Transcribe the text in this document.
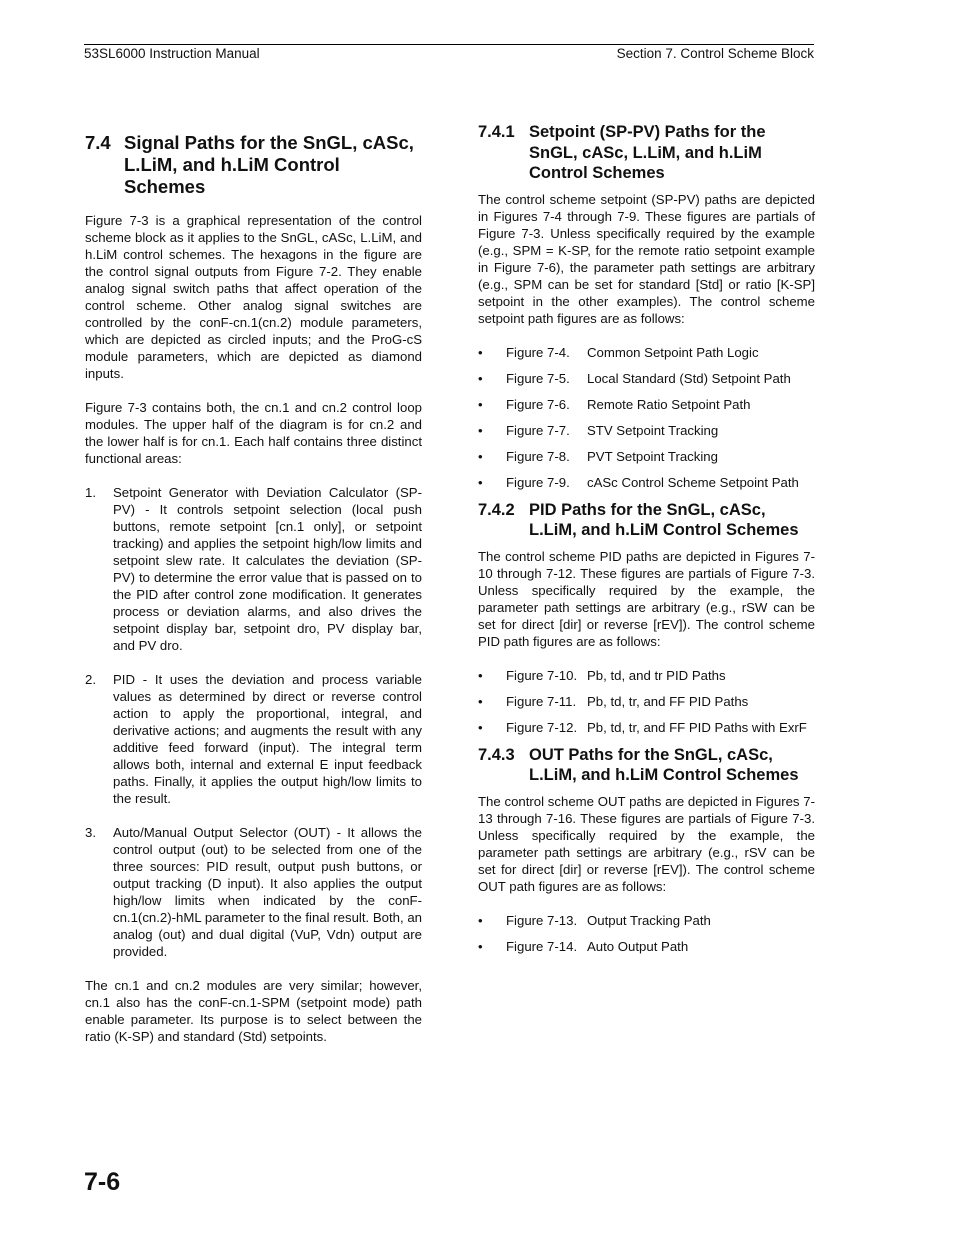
53SL6000 Instruction Manual	Section 7. Control Scheme Block
7.4 Signal Paths for the SnGL, cASc, L.LiM, and h.LiM Control Schemes

Figure 7-3 is a graphical representation of the control scheme block as it applies to the SnGL, cASc, L.LiM, and h.LiM control schemes. The hexagons in the figure are the control signal outputs from Figure 7-2. They enable analog signal switch paths that affect operation of the control scheme. Other analog signal switches are controlled by the conF-cn.1(cn.2) module parameters, which are depicted as circled inputs; and the ProG-cS module parameters, which are depicted as diamond inputs.

Figure 7-3 contains both, the cn.1 and cn.2 control loop modules. The upper half of the diagram is for cn.2 and the lower half is for cn.1. Each half contains three distinct functional areas:

1.	Setpoint Generator with Deviation Calculator (SP-PV) - It controls setpoint selection (local push buttons, remote setpoint [cn.1 only], or setpoint tracking) and applies the setpoint high/low limits and setpoint slew rate. It calculates the deviation (SP-PV) to determine the error value that is passed on to the PID after control zone modification. It generates process or deviation alarms, and also drives the setpoint display bar, setpoint dro, PV display bar, and PV dro.
2.	PID - It uses the deviation and process variable values as determined by direct or reverse control action to apply the proportional, integral, and derivative actions; and augments the result with any additive feed forward (input). The integral term allows both, internal and external E input feedback paths. Finally, it applies the output high/low limits to the result.
3.	Auto/Manual Output Selector (OUT) - It allows the control output (out) to be selected from one of the three sources: PID result, output push buttons, or output tracking (D input). It also applies the output high/low limits when indicated by the conF-cn.1(cn.2)-hML parameter to the final result. Both, an analog (out) and dual digital (VuP, Vdn) output are provided.

The cn.1 and cn.2 modules are very similar; however, cn.1 also has the conF-cn.1-SPM (setpoint mode) path enable parameter. Its purpose is to select between the ratio (K-SP) and standard (Std) setpoints.

7.4.1 Setpoint (SP-PV) Paths for the SnGL, cASc, L.LiM, and h.LiM Control Schemes

The control scheme setpoint (SP-PV) paths are depicted in Figures 7-4 through 7-9. These figures are partials of Figure 7-3. Unless specifically required by the example (e.g., SPM = K-SP, for the remote ratio setpoint example in Figure 7-6), the parameter path settings are arbitrary (e.g., SPM can be set for standard [Std] or ratio [K-SP] setpoint in the other examples). The control scheme setpoint path figures are as follows:

•	Figure 7-4.	Common Setpoint Path Logic
•	Figure 7-5.	Local Standard (Std) Setpoint Path
•	Figure 7-6.	Remote Ratio Setpoint Path
•	Figure 7-7.	STV Setpoint Tracking
•	Figure 7-8.	PVT Setpoint Tracking
•	Figure 7-9.	cASc Control Scheme Setpoint Path
7.4.2 PID Paths for the SnGL, cASc, L.LiM, and h.LiM Control Schemes

The control scheme PID paths are depicted in Figures 7-10 through 7-12. These figures are partials of Figure 7-3. Unless specifically required by the example, the parameter path settings are arbitrary (e.g., rSW can be set for direct [dir] or reverse [rEV]). The control scheme PID path figures are as follows:

•	Figure 7-10. Pb, td, and tr PID Paths
•	Figure 7-11. Pb, td, tr, and FF PID Paths
•	Figure 7-12. Pb, td, tr, and FF PID Paths with ExrF
7.4.3 OUT Paths for the SnGL, cASc, L.LiM, and h.LiM Control Schemes

The control scheme OUT paths are depicted in Figures 7-13 through 7-16. These figures are partials of Figure 7-3. Unless specifically required by the example, the parameter path settings are arbitrary (e.g., rSV can be set for direct [dir] or reverse [rEV]). The control scheme OUT path figures are as follows:

•	Figure 7-13. Output Tracking Path
•	Figure 7-14. Auto Output Path
7-6
